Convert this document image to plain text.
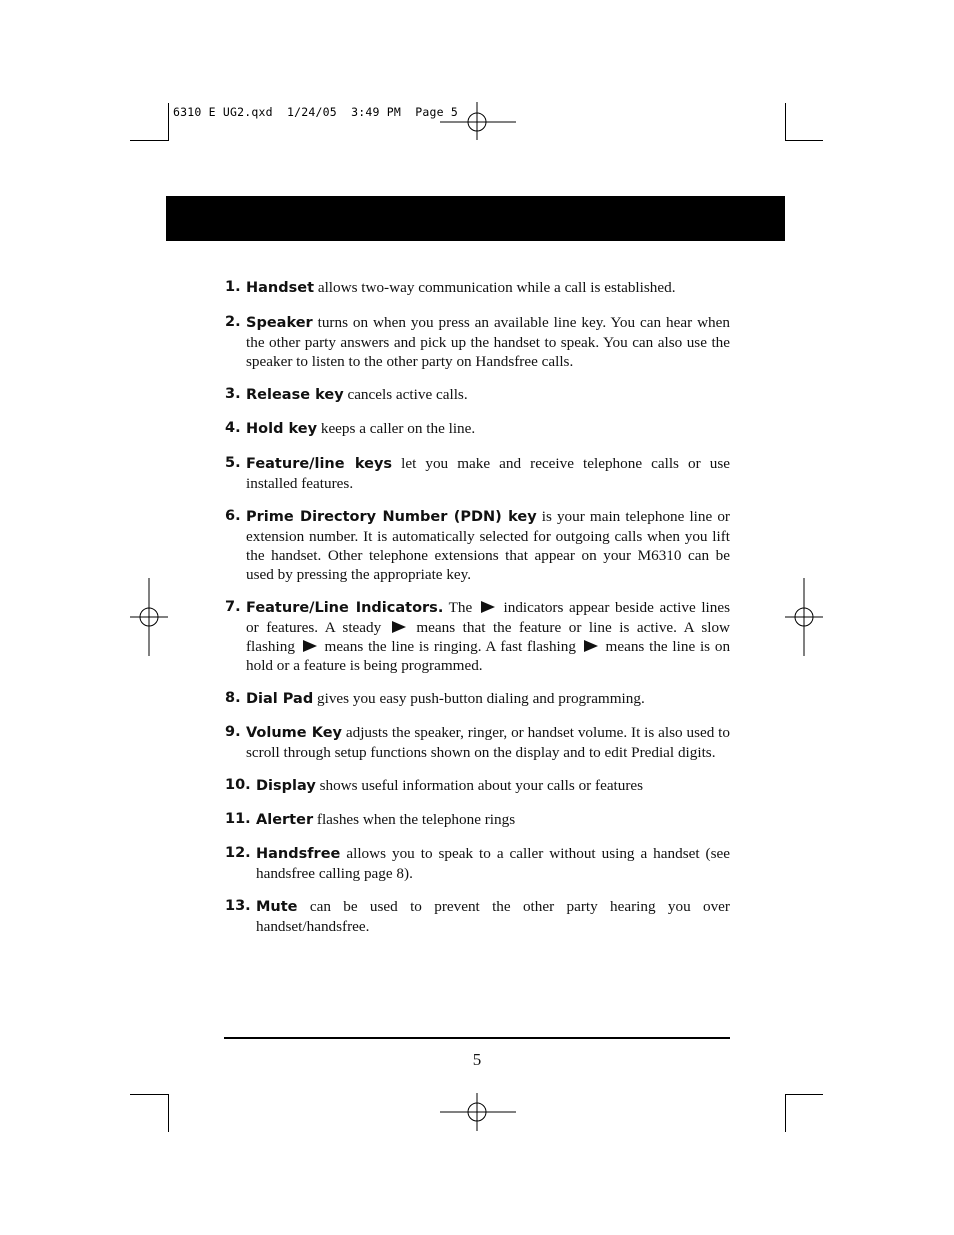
6310 E UG2.qxd  1/24/05  3:49 PM  Page 5
1. Handset allows two-way communication while a call is established.
2. Speaker turns on when you press an available line key. You can hear when the other party answers and pick up the handset to speak. You can also use the speaker to listen to the other party on Handsfree calls.
3. Release key cancels active calls.
4. Hold key keeps a caller on the line.
5. Feature/line keys let you make and receive telephone calls or use installed features.
6. Prime Directory Number (PDN) key is your main telephone line or extension number. It is automatically selected for outgoing calls when you lift the handset. Other telephone extensions that appear on your M6310 can be used by pressing the appropriate key.
7. Feature/Line Indicators. The indicators appear beside active lines or features. A steady means that the feature or line is active. A slow flashing means the line is ringing. A fast flashing means the line is on hold or a feature is being programmed.
8. Dial Pad gives you easy push-button dialing and programming.
9. Volume Key adjusts the speaker, ringer, or handset volume. It is also used to scroll through setup functions shown on the display and to edit Predial digits.
10. Display shows useful information about your calls or features
11. Alerter flashes when the telephone rings
12. Handsfree allows you to speak to a caller without using a handset (see handsfree calling page 8).
13. Mute can be used to prevent the other party hearing you over handset/handsfree.
5
